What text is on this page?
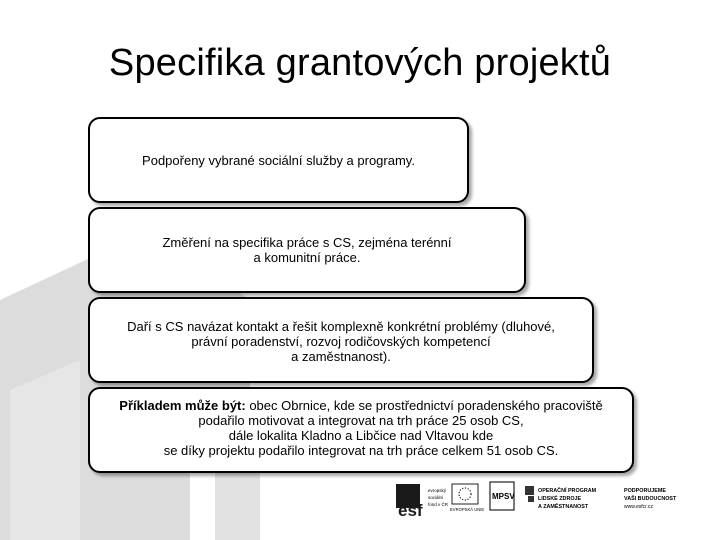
Specifika grantových projektů
Podpořeny vybrané sociální služby a programy.
Změření na specifika práce s CS, zejména terénní
a komunitní práce.
Daří s CS navázat kontakt a řešit komplexně konkrétní problémy (dluhové,
právní poradenství, rozvoj rodičovských kompetencí
a zaměstnanost).
Příkladem může být: obec Obrnice, kde se prostřednictví poradenského pracoviště
podařilo motivovat a integrovat na trh práce 25 osob CS,
dále lokalita Kladno a Libčice nad Vltavou kde
se díky projektu podařilo integrovat na trh práce celkem 51 osob CS.
esf
evropský
sociální
fond v ČR
EVROPSKÁ UNIE
MPSV
OPERAČNÍ PROGRAM
LIDSKÉ ZDROJE
A ZAMĚSTNANOST
PODPORUJEME
VAŠI BUDOUCNOST
www.esfcr.cz
